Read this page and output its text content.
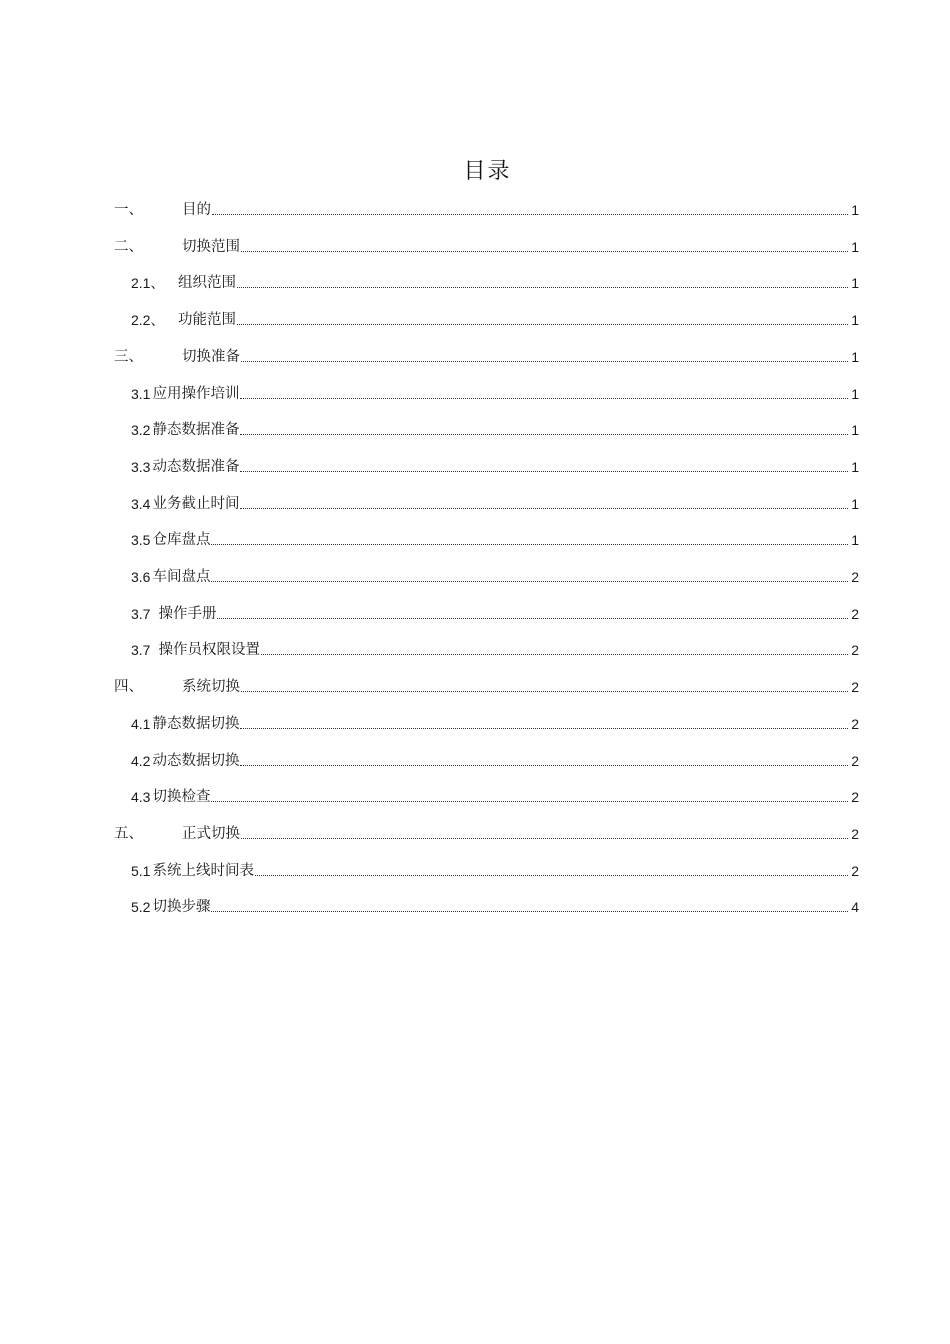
目录
一、	目的	1
二、	切换范围	1
2.1、 组织范围	1
2.2、 功能范围	1
三、	切换准备	1
3.1 应用操作培训	1
3.2 静态数据准备	1
3.3 动态数据准备	1
3.4 业务截止时间	1
3.5 仓库盘点	1
3.6 车间盘点	2
3.7 操作手册	2
3.7 操作员权限设置	2
四、	系统切换	2
4.1 静态数据切换	2
4.2 动态数据切换	2
4.3 切换检查	2
五、	正式切换	2
5.1 系统上线时间表	2
5.2 切换步骤	4
